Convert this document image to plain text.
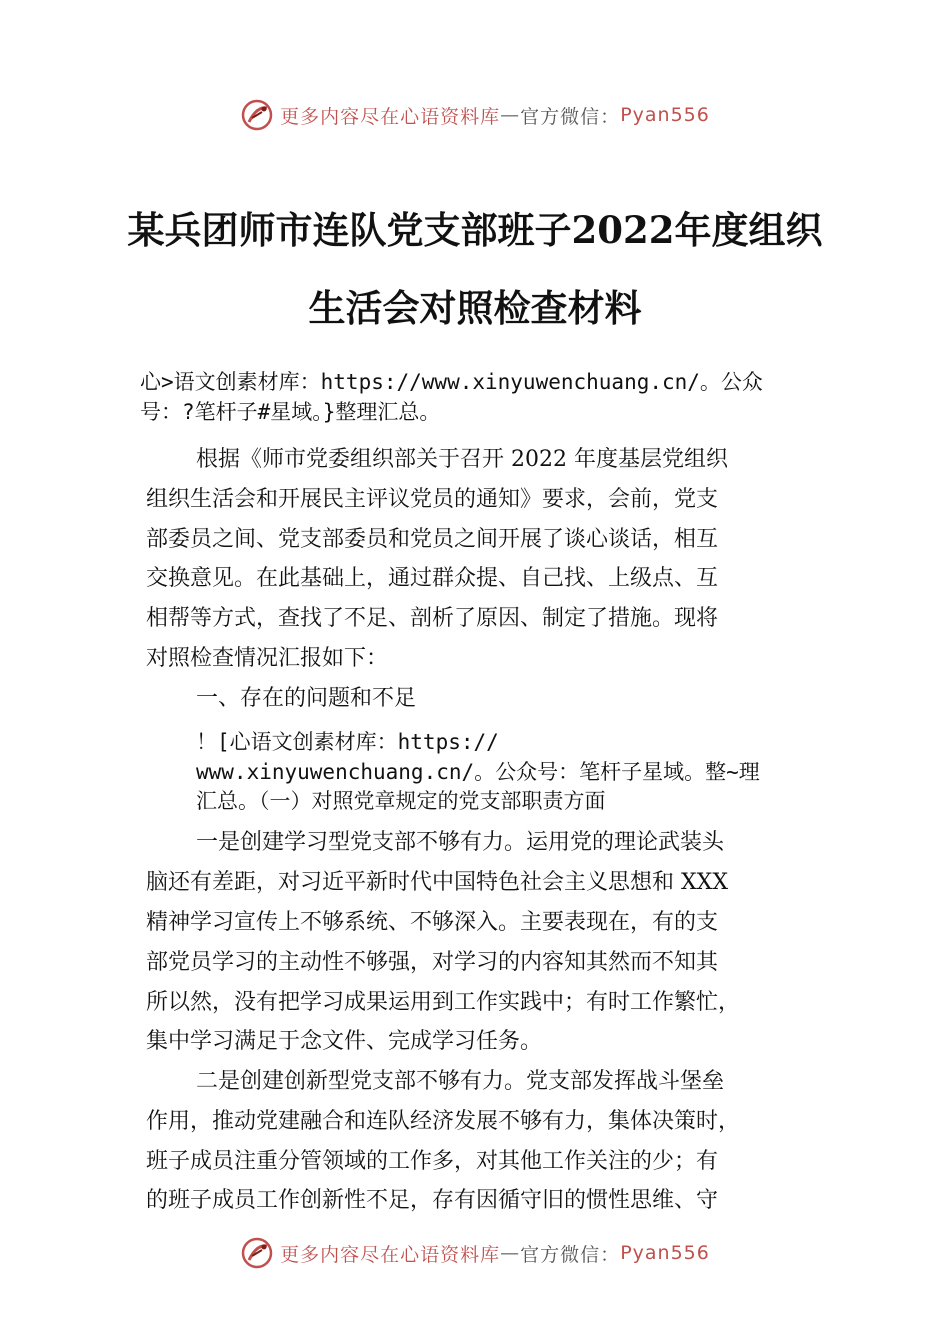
更多内容尽在心语资料库 — 官方微信： Pyan556
某兵团师市连队党支部班子2022年度组织
生活会对照检查材料
心>语文创素材库：https://www.xinyuwenchuang.cn/。公众
号：?笔杆子#星域。}整理汇总。
根据《师市党委组织部关于召开 2022 年度基层党组织
组织生活会和开展民主评议党员的通知》要求，会前，党支
部委员之间、党支部委员和党员之间开展了谈心谈话，相互
交换意见。在此基础上，通过群众提、自己找、上级点、互
相帮等方式，查找了不足、剖析了原因、制定了措施。现将
对照检查情况汇报如下：
一、存在的问题和不足
！[心语文创素材库：https://
www.xinyuwenchuang.cn/。公众号：笔杆子星域。整~理
汇总。（一）对照党章规定的党支部职责方面
一是创建学习型党支部不够有力。运用党的理论武装头
脑还有差距，对习近平新时代中国特色社会主义思想和 XXX
精神学习宣传上不够系统、不够深入。主要表现在，有的支
部党员学习的主动性不够强，对学习的内容知其然而不知其
所以然，没有把学习成果运用到工作实践中；有时工作繁忙，
集中学习满足于念文件、完成学习任务。
二是创建创新型党支部不够有力。党支部发挥战斗堡垒
作用，推动党建融合和连队经济发展不够有力，集体决策时，
班子成员注重分管领域的工作多，对其他工作关注的少；有
的班子成员工作创新性不足，存有因循守旧的惯性思维、守
更多内容尽在心语资料库 — 官方微信： Pyan556
